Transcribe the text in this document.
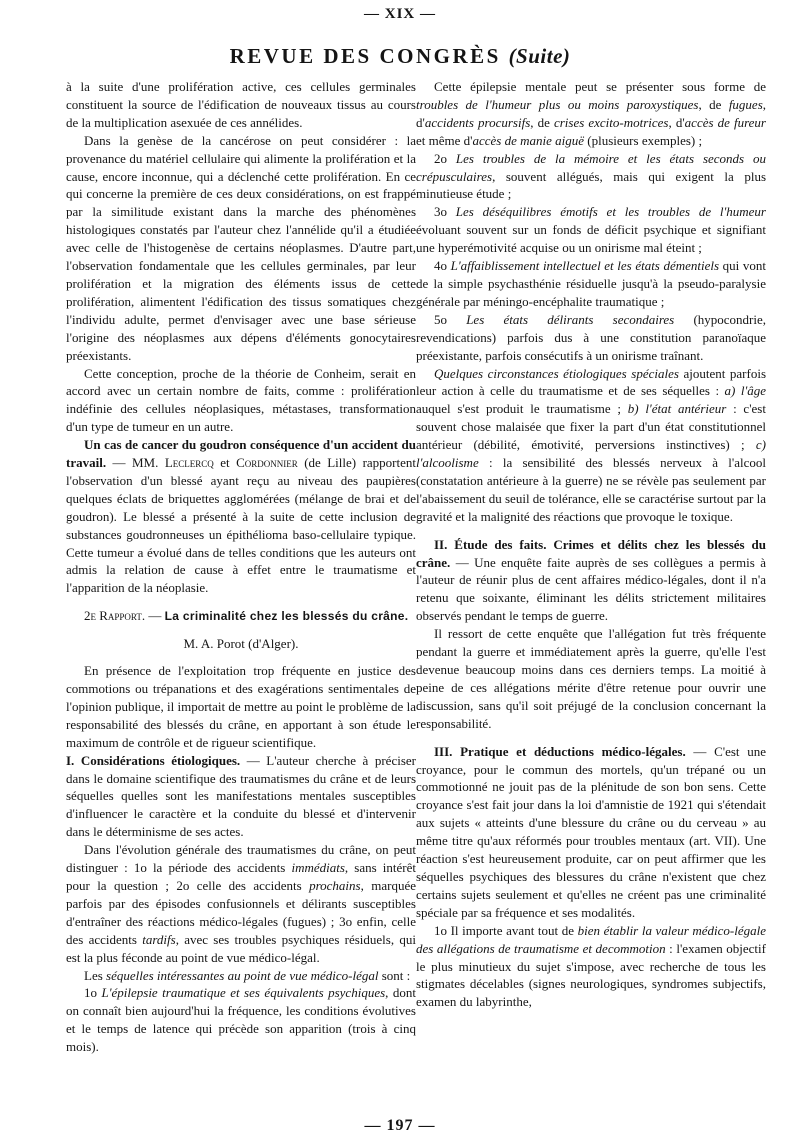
— XIX —
REVUE DES CONGRÈS (Suite)

à la suite d'une prolifération active, ces cellules germinales constituent la source de l'édification de nouveaux tissus au cours de la multiplication asexuée de ces annélides.

Dans la genèse de la cancérose on peut considérer : la provenance du matériel cellulaire qui alimente la prolifération et la cause, encore inconnue, qui a déclenché cette prolifération. En ce qui concerne la première de ces deux considérations, on est frappé par la similitude existant dans la marche des phénomènes histologiques constatés par l'auteur chez l'annélide qu'il a étudiée avec celle de l'histogenèse de certains néoplasmes. D'autre part, l'observation fondamentale que les cellules germinales, par leur prolifération et la migration des éléments issus de cette prolifération, alimentent l'édification des tissus somatiques chez l'individu adulte, permet d'envisager avec une base sérieuse l'origine des néoplasmes aux dépens d'éléments gonocytaires préexistants.

Cette conception, proche de la théorie de Conheim, serait en accord avec un certain nombre de faits, comme : prolifération indéfinie des cellules néoplasiques, métastases, transformation d'un type de tumeur en un autre.

Un cas de cancer du goudron conséquence d'un accident du travail. — MM. Leclercq et Cordonnier (de Lille) rapportent l'observation d'un blessé ayant reçu au niveau des paupières quelques éclats de briquettes agglomérées (mélange de brai et de goudron). Le blessé a présenté à la suite de cette inclusion de substances goudronneuses un épithélioma baso-cellulaire typique. Cette tumeur a évolué dans de telles conditions que les auteurs ont admis la relation de cause à effet entre le traumatisme et l'apparition de la néoplasie.

2e Rapport. — La criminalité chez les blessés du crâne.

M. A. Porot (d'Alger).

En présence de l'exploitation trop fréquente en justice des commotions ou trépanations et des exagérations sentimentales de l'opinion publique, il importait de mettre au point le problème de la responsabilité des blessés du crâne, en apportant à son étude le maximum de contrôle et de rigueur scientifique.

I. Considérations étiologiques. — L'auteur cherche à préciser dans le domaine scientifique des traumatismes du crâne et de leurs séquelles quelles sont les manifestations mentales susceptibles d'influencer le caractère et la conduite du blessé et d'intervenir dans le déterminisme de ses actes.

Dans l'évolution générale des traumatismes du crâne, on peut distinguer : 1o la période des accidents immédiats, sans intérêt pour la question ; 2o celle des accidents prochains, marquée parfois par des épisodes confusionnels et délirants susceptibles d'entraîner des réactions médico-légales (fugues) ; 3o enfin, celle des accidents tardifs, avec ses troubles psychiques résiduels, qui est la plus féconde au point de vue médico-légal.

Les séquelles intéressantes au point de vue médico-légal sont :

1o L'épilepsie traumatique et ses équivalents psychiques, dont on connaît bien aujourd'hui la fréquence, les conditions évolutives et le temps de latence qui précède son apparition (trois à cinq mois).

Cette épilepsie mentale peut se présenter sous forme de troubles de l'humeur plus ou moins paroxystiques, de fugues, d'accidents procursifs, de crises excito-motrices, d'accès de fureur et même d'accès de manie aiguë (plusieurs exemples) ;

2o Les troubles de la mémoire et les états seconds ou crépusculaires, souvent allégués, mais qui exigent la plus minutieuse étude ;

3o Les déséquilibres émotifs et les troubles de l'humeur évoluant souvent sur un fonds de déficit psychique et signifiant une hyperémotivité acquise ou un onirisme mal éteint ;

4o L'affaiblissement intellectuel et les états démentiels qui vont de la simple psychasthénie résiduelle jusqu'à la pseudo-paralysie générale par méningo-encéphalite traumatique ;

5o Les états délirants secondaires (hypocondrie, revendications) parfois dus à une constitution paranoïaque préexistante, parfois consécutifs à un onirisme traînant.

Quelques circonstances étiologiques spéciales ajoutent parfois leur action à celle du traumatisme et de ses séquelles : a) l'âge auquel s'est produit le traumatisme ; b) l'état antérieur : c'est souvent chose malaisée que fixer la part d'un état constitutionnel antérieur (débilité, émotivité, perversions instinctives) ; c) l'alcoolisme : la sensibilité des blessés nerveux à l'alcool (constatation antérieure à la guerre) ne se révèle pas seulement par l'abaissement du seuil de tolérance, elle se caractérise surtout par la gravité et la malignité des réactions que provoque le toxique.

II. Étude des faits. Crimes et délits chez les blessés du crâne. — Une enquête faite auprès de ses collègues a permis à l'auteur de réunir plus de cent affaires médico-légales, dont il n'a retenu que soixante, éliminant les délits strictement militaires observés pendant le temps de guerre.

Il ressort de cette enquête que l'allégation fut très fréquente pendant la guerre et immédiatement après la guerre, qu'elle l'est devenue beaucoup moins dans ces derniers temps. La moitié à peine de ces allégations mérite d'être retenue pour ouvrir une discussion, sans qu'il soit préjugé de la conclusion concernant la responsabilité.

III. Pratique et déductions médico-légales. — C'est une croyance, pour le commun des mortels, qu'un trépané ou un commotionné ne jouit pas de la plénitude de son bon sens. Cette croyance s'est fait jour dans la loi d'amnistie de 1921 qui s'étendait aux sujets « atteints d'une blessure du crâne ou du cerveau » au même titre qu'aux réformés pour troubles mentaux (art. VII). Une réaction s'est heureusement produite, car on peut affirmer que les séquelles psychiques des blessures du crâne n'existent que chez certains sujets seulement et qu'elles ne créent pas une criminalité spéciale par sa fréquence et ses modalités.

1o Il importe avant tout de bien établir la valeur médico-légale des allégations de traumatisme et decommotion : l'examen objectif le plus minutieux du sujet s'impose, avec recherche de tous les stigmates décelables (signes neurologiques, syndromes subjectifs, examen du labyrinthe,

— 197 —
